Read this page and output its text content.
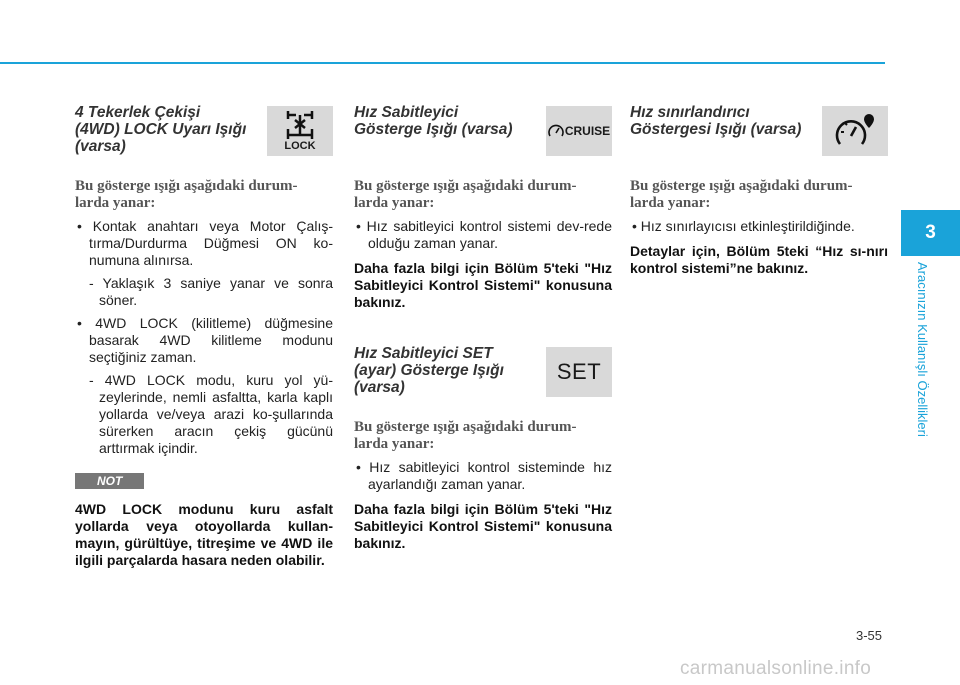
4 Tekerlek Çekişi
(4WD) LOCK Uyarı Işığı
(varsa)	LOCK

Bu gösterge ışığı aşağıdaki durum-
larda yanar:

• Kontak anahtarı veya Motor Çalış-tırma/Durdurma Düğmesi ON ko-numuna alınırsa.

- Yaklaşık 3 saniye yanar ve sonra söner.

• 4WD LOCK (kilitleme) düğmesine basarak 4WD kilitleme modunu seçtiğiniz zaman.

- 4WD LOCK modu, kuru yol yü-zeylerinde, nemli asfaltta, karla kaplı yollarda ve/veya arazi ko-şullarında sürerken aracın çekiş gücünü arttırmak içindir.

NOT

4WD LOCK modunu kuru asfalt yollarda veya otoyollarda kullan-mayın, gürültüye, titreşime ve 4WD ile ilgili parçalarda hasara neden olabilir.

Hız Sabitleyici
Gösterge Işığı (varsa)	CRUISE

Bu gösterge ışığı aşağıdaki durum-
larda yanar:

• Hız sabitleyici kontrol sistemi dev-rede olduğu zaman yanar.

Daha fazla bilgi için Bölüm 5'teki "Hız Sabitleyici Kontrol Sistemi" konusuna bakınız.

Hız Sabitleyici SET
(ayar) Gösterge Işığı
(varsa)
SET

Bu gösterge ışığı aşağıdaki durum-
larda yanar:

• Hız sabitleyici kontrol sisteminde hız ayarlandığı zaman yanar.

Daha fazla bilgi için Bölüm 5'teki "Hız Sabitleyici Kontrol Sistemi" konusuna bakınız.

Hız sınırlandırıcı
Göstergesi Işığı (varsa)

Bu gösterge ışığı aşağıdaki durum-
larda yanar:

• Hız sınırlayıcısı etkinleştirildiğinde.

Detaylar için, Bölüm 5teki “Hız sı-nırı kontrol sistemi”ne bakınız.

3
Aracınızın Kullanışlı Özellikleri
3-55
carmanualsonline.info
